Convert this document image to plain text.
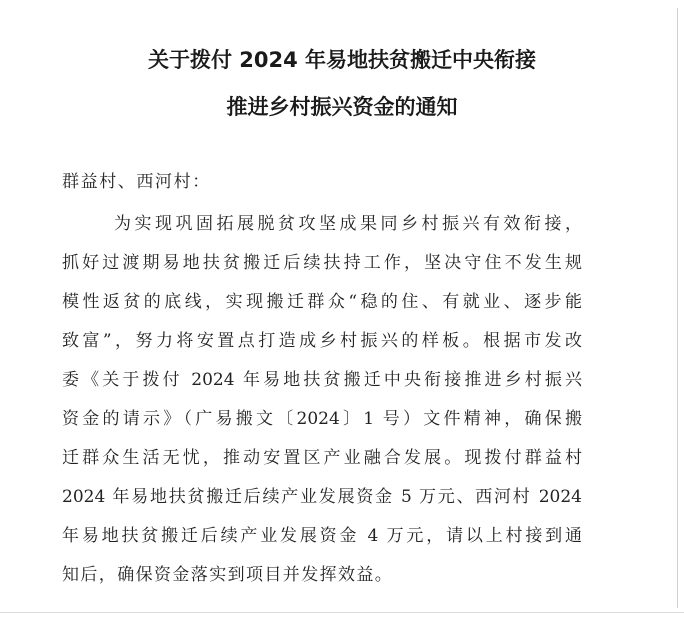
关于拨付 2024 年易地扶贫搬迁中央衔接
推进乡村振兴资金的通知
群益村、西河村：
为实现巩固拓展脱贫攻坚成果同乡村振兴有效衔接，
抓好过渡期易地扶贫搬迁后续扶持工作，坚决守住不发生规
模性返贫的底线，实现搬迁群众“稳的住、有就业、逐步能
致富”，努力将安置点打造成乡村振兴的样板。根据市发改
委《关于拨付 2024 年易地扶贫搬迁中央衔接推进乡村振兴
资金的请示》（广易搬文〔2024〕1 号）文件精神，确保搬
迁群众生活无忧，推动安置区产业融合发展。现拨付群益村
2024 年易地扶贫搬迁后续产业发展资金 5 万元、西河村 2024
年易地扶贫搬迁后续产业发展资金 4 万元，请以上村接到通
知后，确保资金落实到项目并发挥效益。
